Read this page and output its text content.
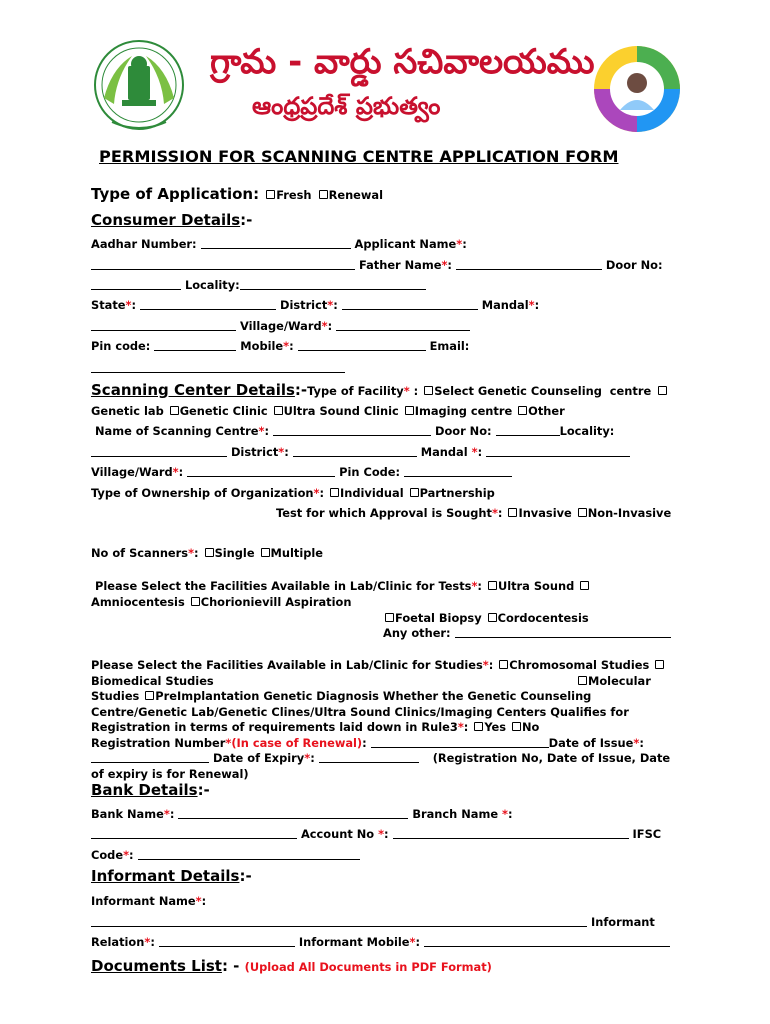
గ్రామ - వార్డు సచివాలయము
ఆంధ్రప్రదేశ్ ప్రభుత్వం
PERMISSION FOR SCANNING CENTRE APPLICATION FORM
Type of Application: Fresh Renewal
Consumer Details:-
Aadhar Number:	Applicant Name*:
Father Name*:	Door No:
Locality:
State*:	District*:	Mandal*:
Village/Ward*:
Pin code:	Mobile*:	Email:
Scanning Center Details:-Type of Facility* : Select Genetic Counseling  centre
Genetic lab Genetic Clinic Ultra Sound Clinic Imaging centre Other
Name of Scanning Centre*:	Door No:	Locality:
District*:	Mandal *:
Village/Ward*:	Pin Code:
Type of Ownership of Organization*: Individual Partnership
Test for which Approval is Sought*: Invasive Non-Invasive
No of Scanners*: Single Multiple
Please Select the Facilities Available in Lab/Clinic for Tests*: Ultra Sound
Amniocentesis Chorionievill Aspiration
Foetal Biopsy Cordocentesis
Any other:
Please Select the Facilities Available in Lab/Clinic for Studies*: Chromosomal Studies
Biomedical Studies	Molecular
Studies PreImplantation Genetic Diagnosis Whether the Genetic Counseling
Centre/Genetic Lab/Genetic Clines/Ultra Sound Clinics/Imaging Centers Qualifies for
Registration in terms of requirements laid down in Rule3*: Yes No
Registration Number*(In case of Renewal):	Date of Issue*:
Date of Expiry*:	(Registration No, Date of Issue, Date
of expiry is for Renewal)
Bank Details:-
Bank Name*:	Branch Name *:
Account No *:	IFSC
Code*:
Informant Details:-
Informant Name*:
Informant
Relation*:	Informant Mobile*:
Documents List: - (Upload All Documents in PDF Format)
